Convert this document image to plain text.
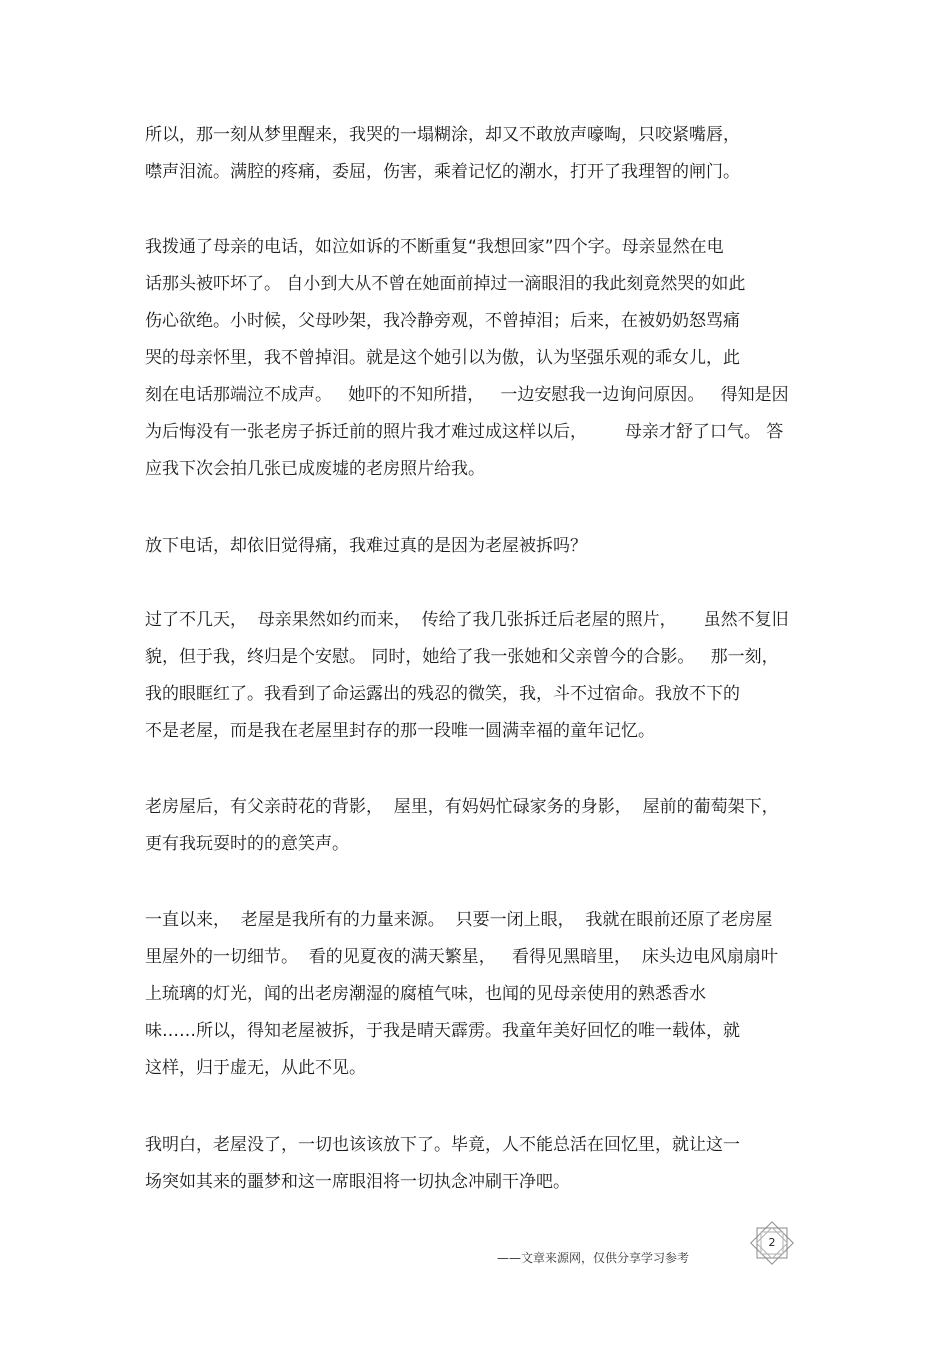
所以，那一刻从梦里醒来，我哭的一塌糊涂，却又不敢放声嚎啕，只咬紧嘴唇，
噤声泪流。满腔的疼痛，委屈，伤害，乘着记忆的潮水，打开了我理智的闸门。
我拨通了母亲的电话，如泣如诉的不断重复“我想回家”四个字。母亲显然在电
话那头被吓坏了。 自小到大从不曾在她面前掉过一滴眼泪的我此刻竟然哭的如此
伤心欲绝。小时候，父母吵架，我冷静旁观，不曾掉泪；后来，在被奶奶怒骂痛
哭的母亲怀里，我不曾掉泪。就是这个她引以为傲，认为坚强乐观的乖女儿，此
刻在电话那端泣不成声。   她吓的不知所措，   一边安慰我一边询问原因。   得知是因
为后悔没有一张老房子拆迁前的照片我才难过成这样以后，       母亲才舒了口气。 答
应我下次会拍几张已成废墟的老房照片给我。
放下电话，却依旧觉得痛，我难过真的是因为老屋被拆吗？
过了不几天，  母亲果然如约而来，  传给了我几张拆迁后老屋的照片，     虽然不复旧
貌，但于我，终归是个安慰。 同时，她给了我一张她和父亲曾今的合影。   那一刻，
我的眼眶红了。我看到了命运露出的残忍的微笑，我，斗不过宿命。我放不下的
不是老屋，而是我在老屋里封存的那一段唯一圆满幸福的童年记忆。
老房屋后，有父亲莳花的背影，  屋里，有妈妈忙碌家务的身影，  屋前的葡萄架下，
更有我玩耍时的的意笑声。
一直以来，  老屋是我所有的力量来源。  只要一闭上眼，  我就在眼前还原了老房屋
里屋外的一切细节。  看的见夏夜的满天繁星，   看得见黑暗里，  床头边电风扇扇叶
上琉璃的灯光，闻的出老房潮湿的腐植气味，也闻的见母亲使用的熟悉香水
味……所以，得知老屋被拆，于我是晴天霹雳。我童年美好回忆的唯一载体，就
这样，归于虚无，从此不见。
我明白，老屋没了，一切也该该放下了。毕竟，人不能总活在回忆里，就让这一
场突如其来的噩梦和这一席眼泪将一切执念冲刷干净吧。
——文章来源网，仅供分享学习参考
2
